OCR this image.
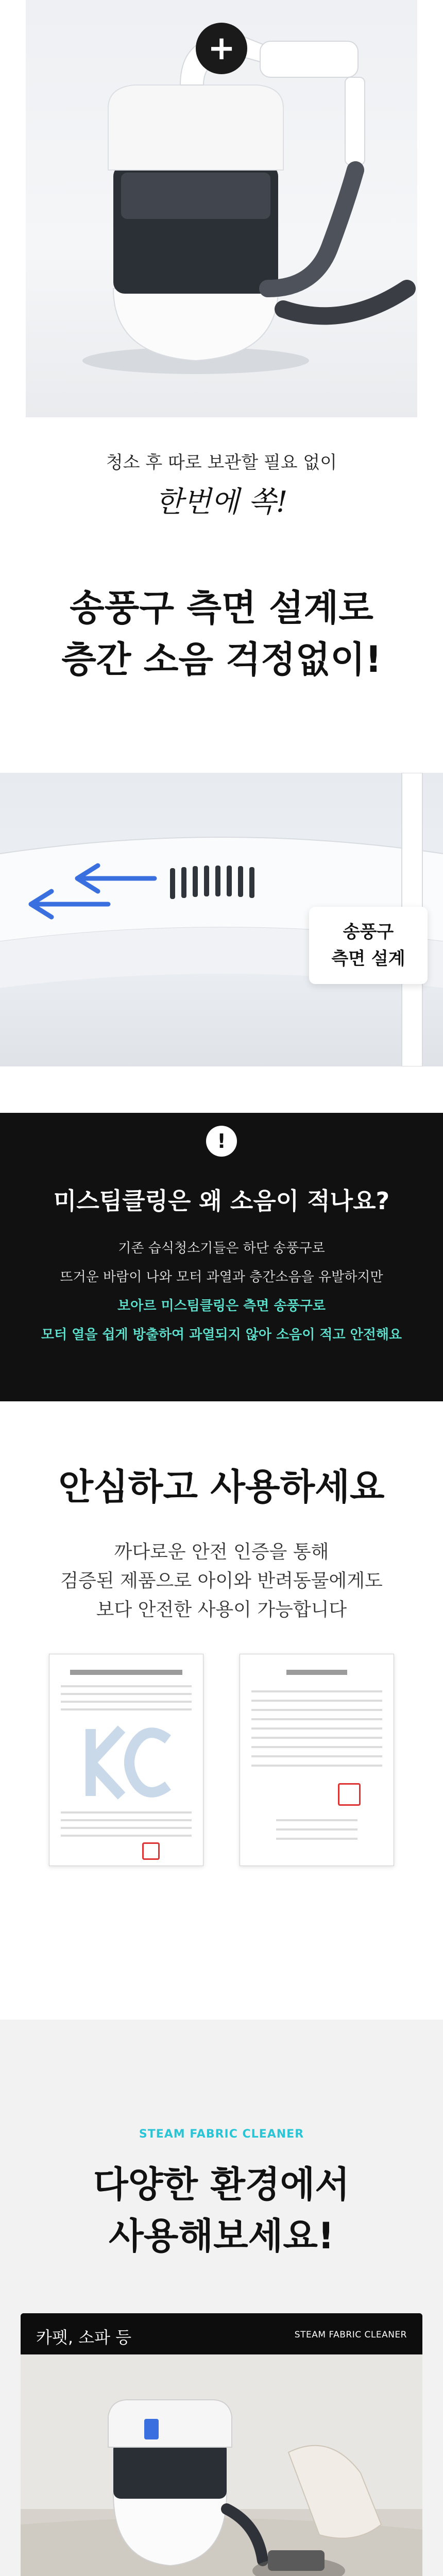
+
청소 후 따로 보관할 필요 없이
한번에 쏙!
송풍구 측면 설계로
층간 소음 걱정없이!
송풍구
측면 설계
!
미스팀클링은 왜 소음이 적나요?
기존 습식청소기들은 하단 송풍구로
뜨거운 바람이 나와 모터 과열과 층간소음을 유발하지만
보아르 미스팀클링은 측면 송풍구로
모터 열을 쉽게 방출하여 과열되지 않아 소음이 적고 안전해요
안심하고 사용하세요
까다로운 안전 인증을 통해
검증된 제품으로 아이와 반려동물에게도
보다 안전한 사용이 가능합니다
STEAM FABRIC CLEANER
다양한 환경에서
사용해보세요!
카펫, 소파 등	STEAM FABRIC CLEANER
